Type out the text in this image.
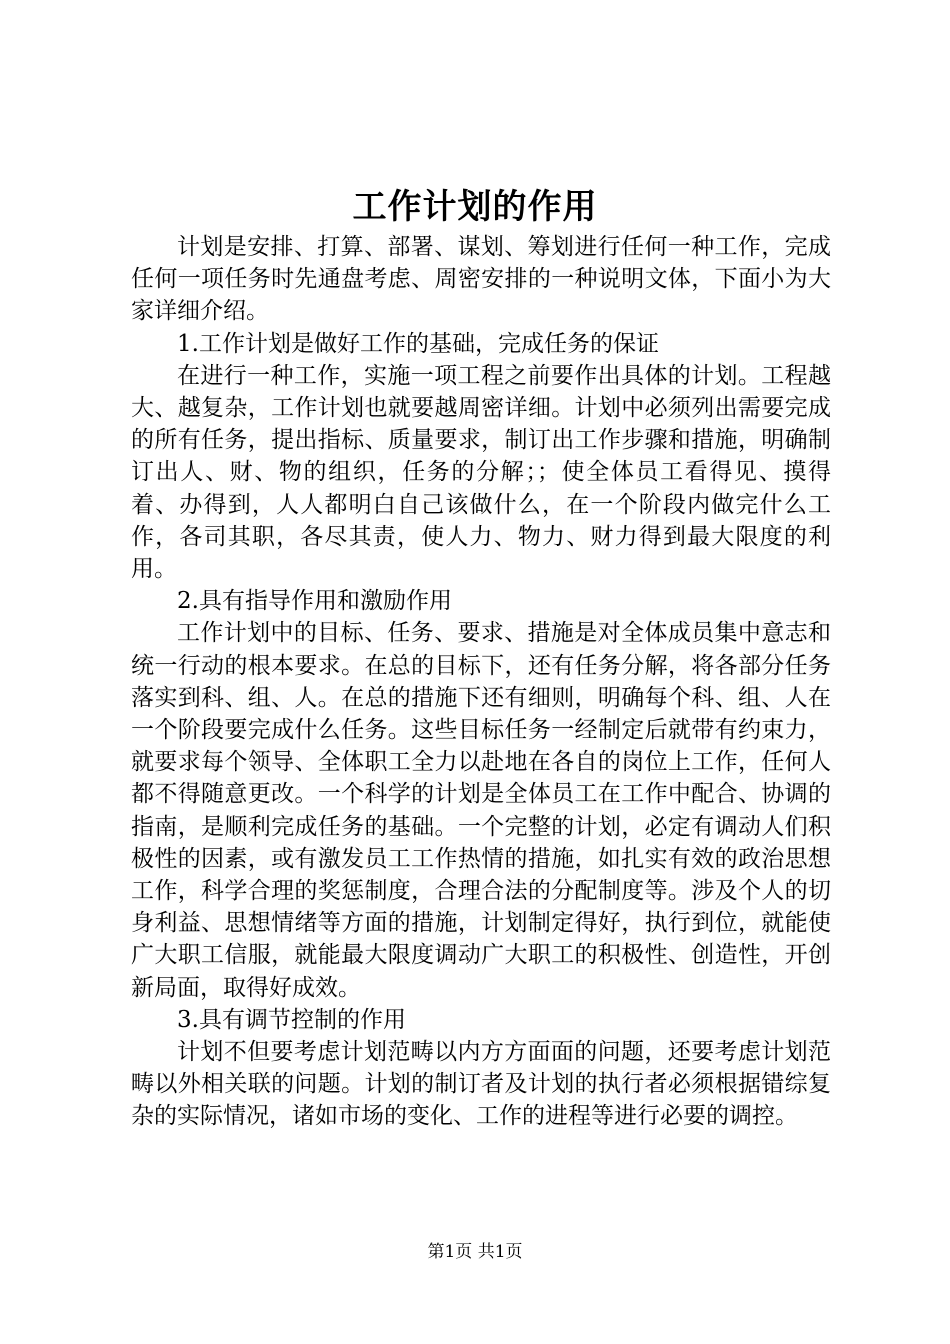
工作计划的作用

计划是安排、打算、部署、谋划、筹划进行任何一种工作，完成任何一项任务时先通盘考虑、周密安排的一种说明文体，下面小为大家详细介绍。

1.工作计划是做好工作的基础，完成任务的保证

在进行一种工作，实施一项工程之前要作出具体的计划。工程越大、越复杂，工作计划也就要越周密详细。计划中必须列出需要完成的所有任务，提出指标、质量要求，制订出工作步骤和措施，明确制订出人、财、物的组织，任务的分解；；使全体员工看得见、摸得着、办得到，人人都明白自己该做什么，在一个阶段内做完什么工作，各司其职，各尽其责，使人力、物力、财力得到最大限度的利用。

2.具有指导作用和激励作用

工作计划中的目标、任务、要求、措施是对全体成员集中意志和统一行动的根本要求。在总的目标下，还有任务分解，将各部分任务落实到科、组、人。在总的措施下还有细则，明确每个科、组、人在一个阶段要完成什么任务。这些目标任务一经制定后就带有约束力，就要求每个领导、全体职工全力以赴地在各自的岗位上工作，任何人都不得随意更改。一个科学的计划是全体员工在工作中配合、协调的指南，是顺利完成任务的基础。一个完整的计划，必定有调动人们积极性的因素，或有激发员工工作热情的措施，如扎实有效的政治思想工作，科学合理的奖惩制度，合理合法的分配制度等。涉及个人的切身利益、思想情绪等方面的措施，计划制定得好，执行到位，就能使广大职工信服，就能最大限度调动广大职工的积极性、创造性，开创新局面，取得好成效。

3.具有调节控制的作用

计划不但要考虑计划范畴以内方方面面的问题，还要考虑计划范畴以外相关联的问题。计划的制订者及计划的执行者必须根据错综复杂的实际情况，诸如市场的变化、工作的进程等进行必要的调控。

第1页 共1页
